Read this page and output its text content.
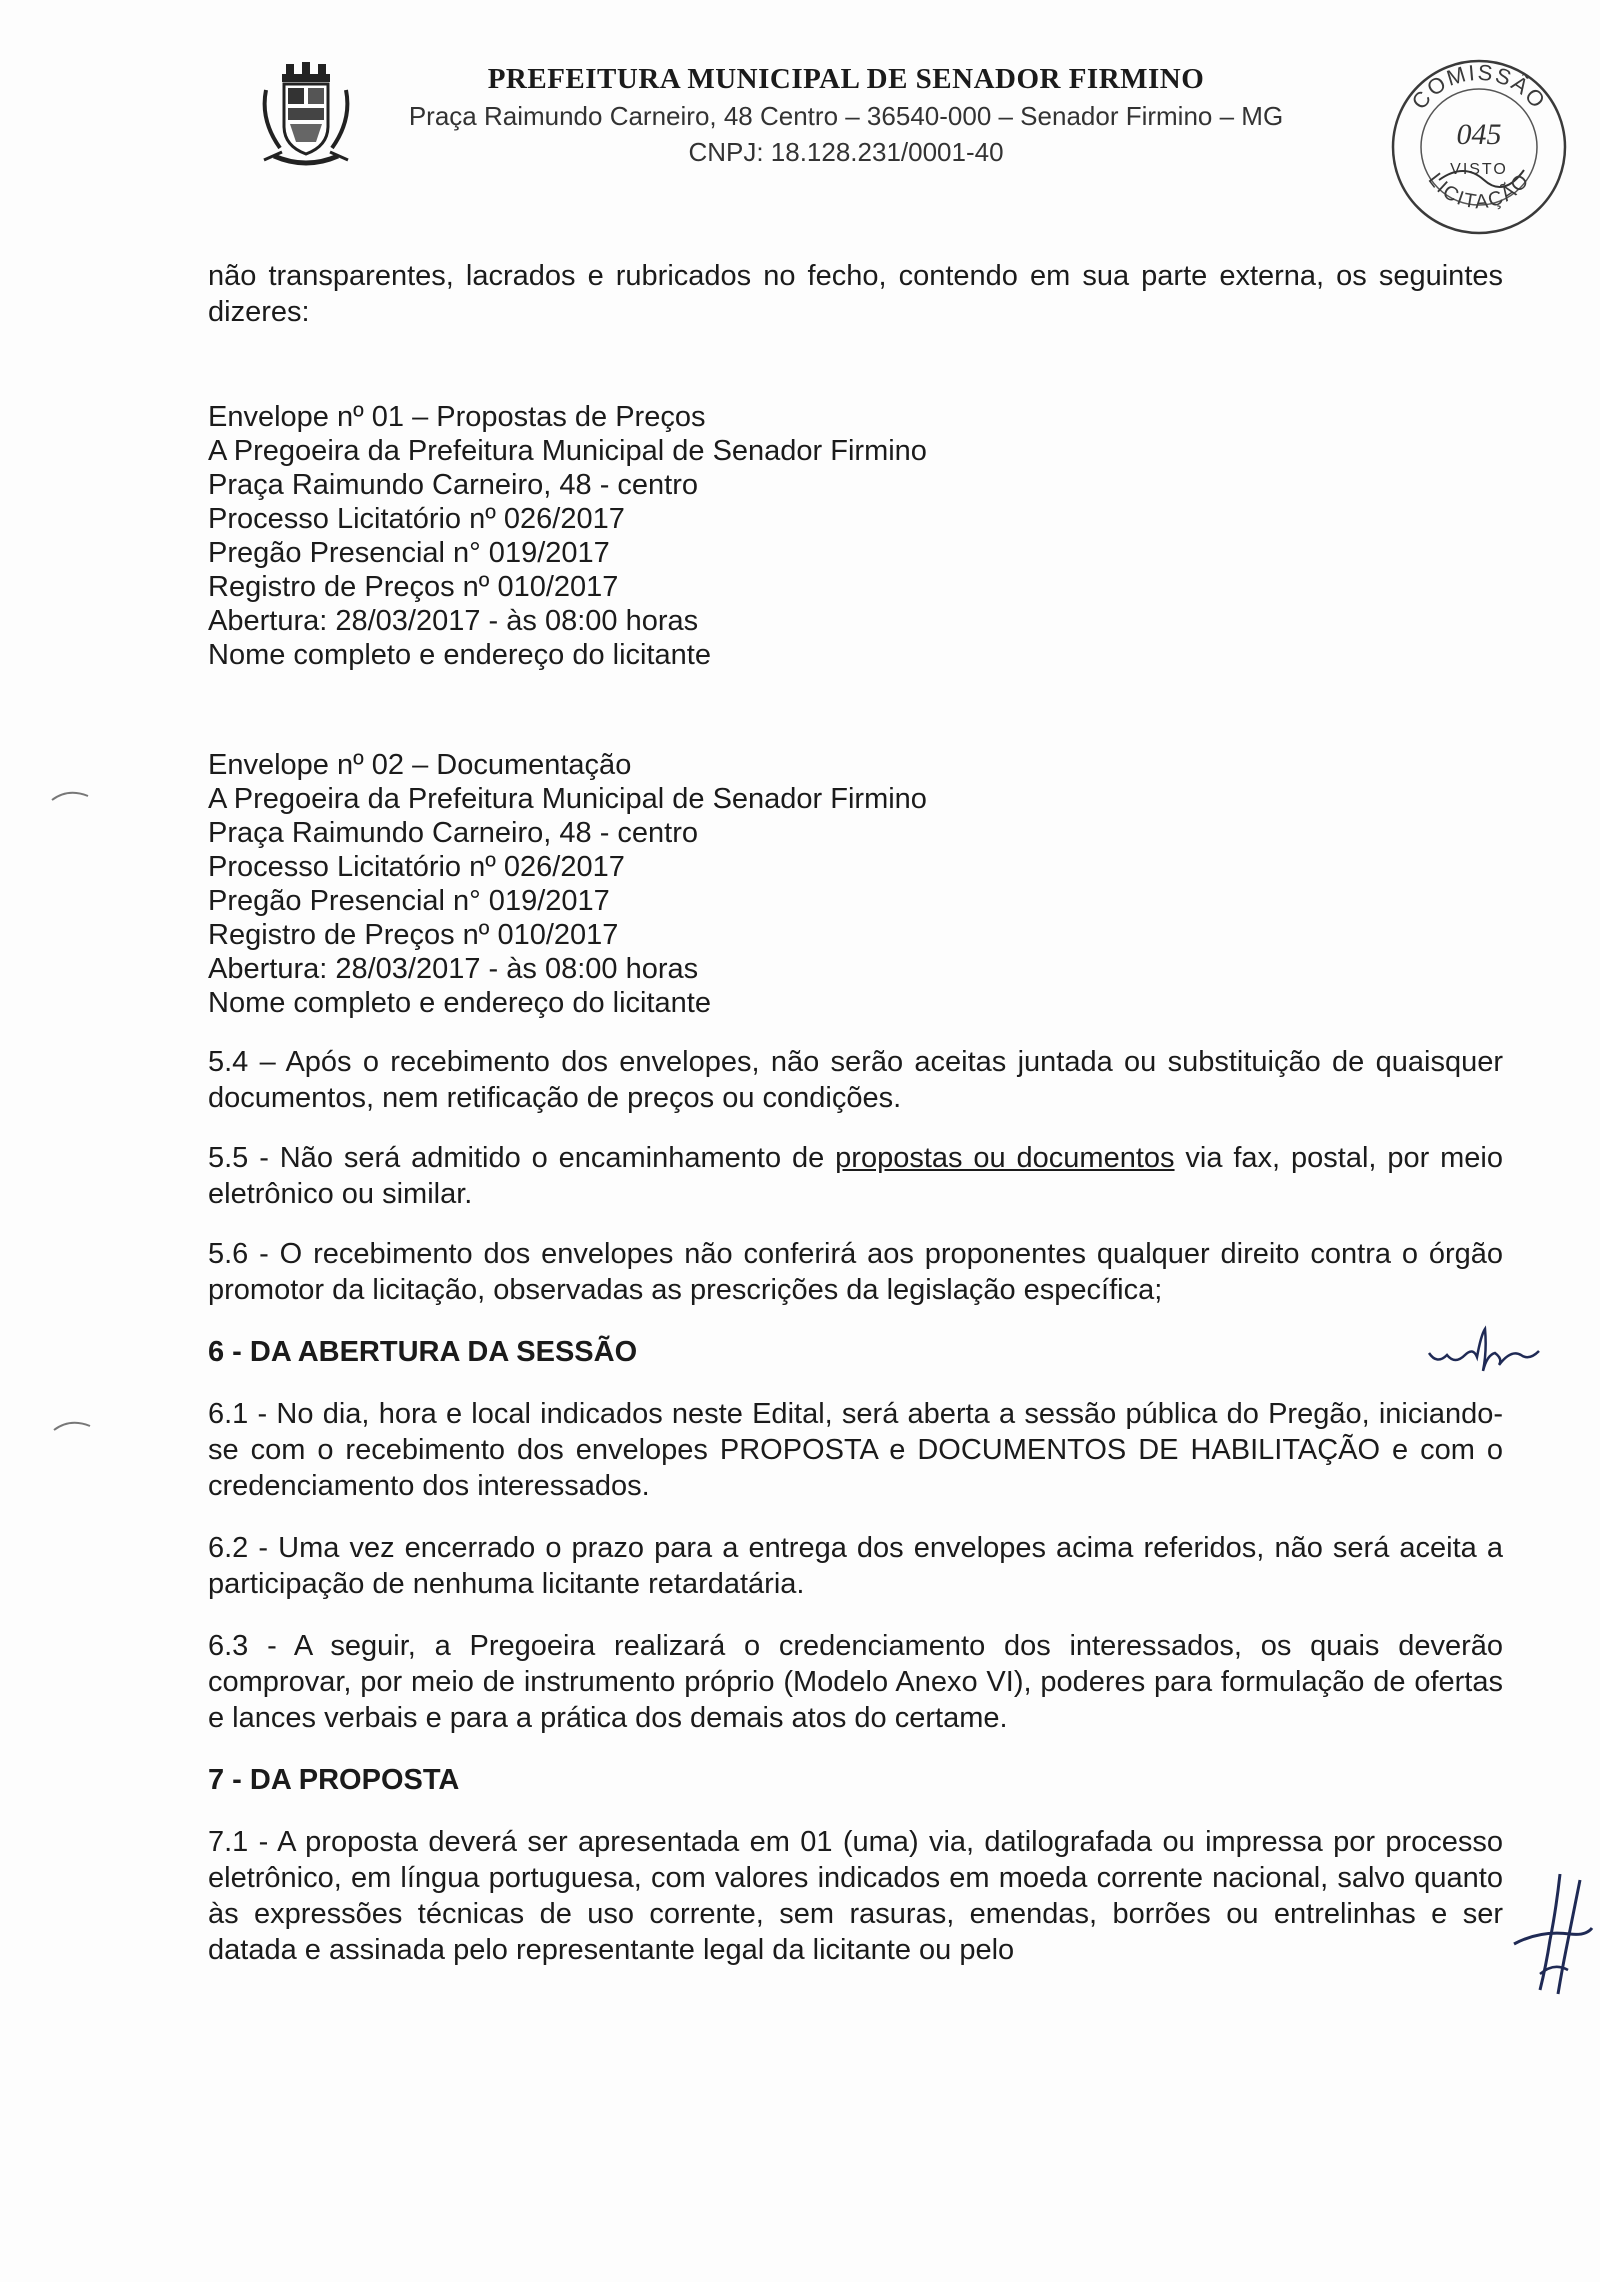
PREFEITURA MUNICIPAL DE SENADOR FIRMINO

Praça Raimundo Carneiro, 48 Centro – 36540-000 – Senador Firmino – MG

CNPJ: 18.128.231/0001-40

COMISSÃO
045
VISTO
LICITAÇÃO

não transparentes, lacrados e rubricados no fecho, contendo em sua parte externa, os seguintes dizeres:

Envelope nº 01 – Propostas de Preços
A Pregoeira da Prefeitura Municipal de Senador Firmino
Praça Raimundo Carneiro, 48 - centro
Processo Licitatório nº 026/2017
Pregão Presencial n° 019/2017
Registro de Preços nº 010/2017
Abertura: 28/03/2017 - às 08:00 horas
Nome completo e endereço do licitante
Envelope nº 02 – Documentação
A Pregoeira da Prefeitura Municipal de Senador Firmino
Praça Raimundo Carneiro, 48 - centro
Processo Licitatório nº 026/2017
Pregão Presencial n° 019/2017
Registro de Preços nº 010/2017
Abertura: 28/03/2017 - às 08:00 horas
Nome completo e endereço do licitante

5.4 – Após o recebimento dos envelopes, não serão aceitas juntada ou substituição de quaisquer documentos, nem retificação de preços ou condições.

5.5 - Não será admitido o encaminhamento de propostas ou documentos via fax, postal, por meio eletrônico ou similar.

5.6 - O recebimento dos envelopes não conferirá aos proponentes qualquer direito contra o órgão promotor da licitação, observadas as prescrições da legislação específica;

6 - DA ABERTURA DA SESSÃO

6.1 - No dia, hora e local indicados neste Edital, será aberta a sessão pública do Pregão, iniciando-se com o recebimento dos envelopes PROPOSTA e DOCUMENTOS DE HABILITAÇÃO e com o credenciamento dos interessados.

6.2 - Uma vez encerrado o prazo para a entrega dos envelopes acima referidos, não será aceita a participação de nenhuma licitante retardatária.

6.3 - A seguir, a Pregoeira realizará o credenciamento dos interessados, os quais deverão comprovar, por meio de instrumento próprio (Modelo Anexo VI), poderes para formulação de ofertas e lances verbais e para a prática dos demais atos do certame.

7 - DA PROPOSTA

7.1 - A proposta deverá ser apresentada em 01 (uma) via, datilografada ou impressa por processo eletrônico, em língua portuguesa, com valores indicados em moeda corrente nacional, salvo quanto às expressões técnicas de uso corrente, sem rasuras, emendas, borrões ou entrelinhas e ser datada e assinada pelo representante legal da licitante ou pelo
